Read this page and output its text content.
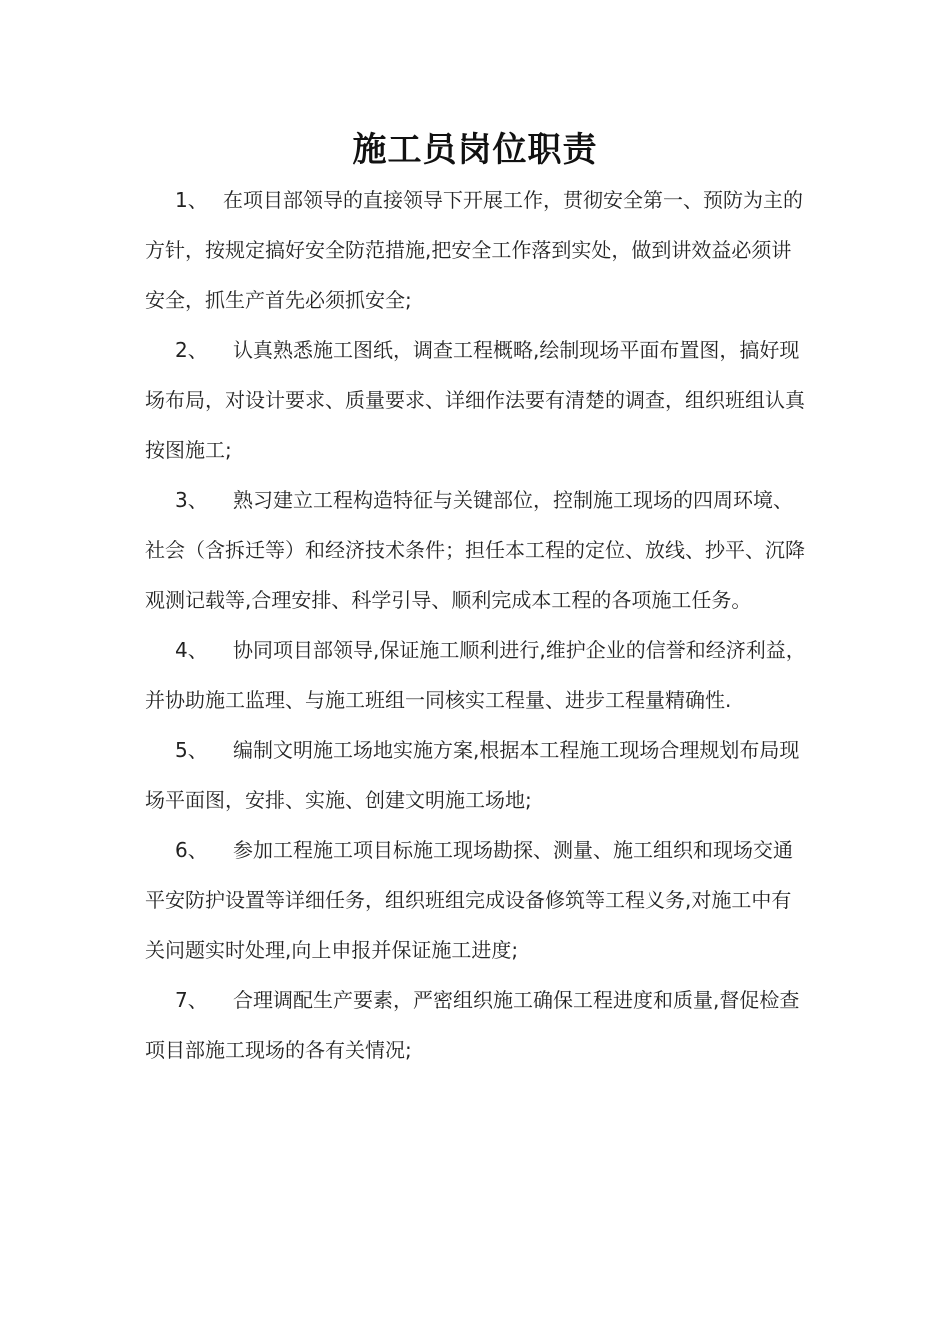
施工员岗位职责

1、 在项目部领导的直接领导下开展工作，贯彻安全第一、预防为主的方针，按规定搞好安全防范措施,把安全工作落到实处，做到讲效益必须讲安全，抓生产首先必须抓安全;

2、 认真熟悉施工图纸，调查工程概略,绘制现场平面布置图，搞好现场布局，对设计要求、质量要求、详细作法要有清楚的调查，组织班组认真按图施工;

3、 熟习建立工程构造特征与关键部位，控制施工现场的四周环境、社会（含拆迁等）和经济技术条件；担任本工程的定位、放线、抄平、沉降观测记载等,合理安排、科学引导、顺利完成本工程的各项施工任务。

4、 协同项目部领导,保证施工顺利进行,维护企业的信誉和经济利益，并协助施工监理、与施工班组一同核实工程量、进步工程量精确性.

5、 编制文明施工场地实施方案,根据本工程施工现场合理规划布局现场平面图，安排、实施、创建文明施工场地;

6、 参加工程施工项目标施工现场勘探、测量、施工组织和现场交通平安防护设置等详细任务，组织班组完成设备修筑等工程义务,对施工中有关问题实时处理,向上申报并保证施工进度;

7、 合理调配生产要素，严密组织施工确保工程进度和质量,督促检查项目部施工现场的各有关情况;
